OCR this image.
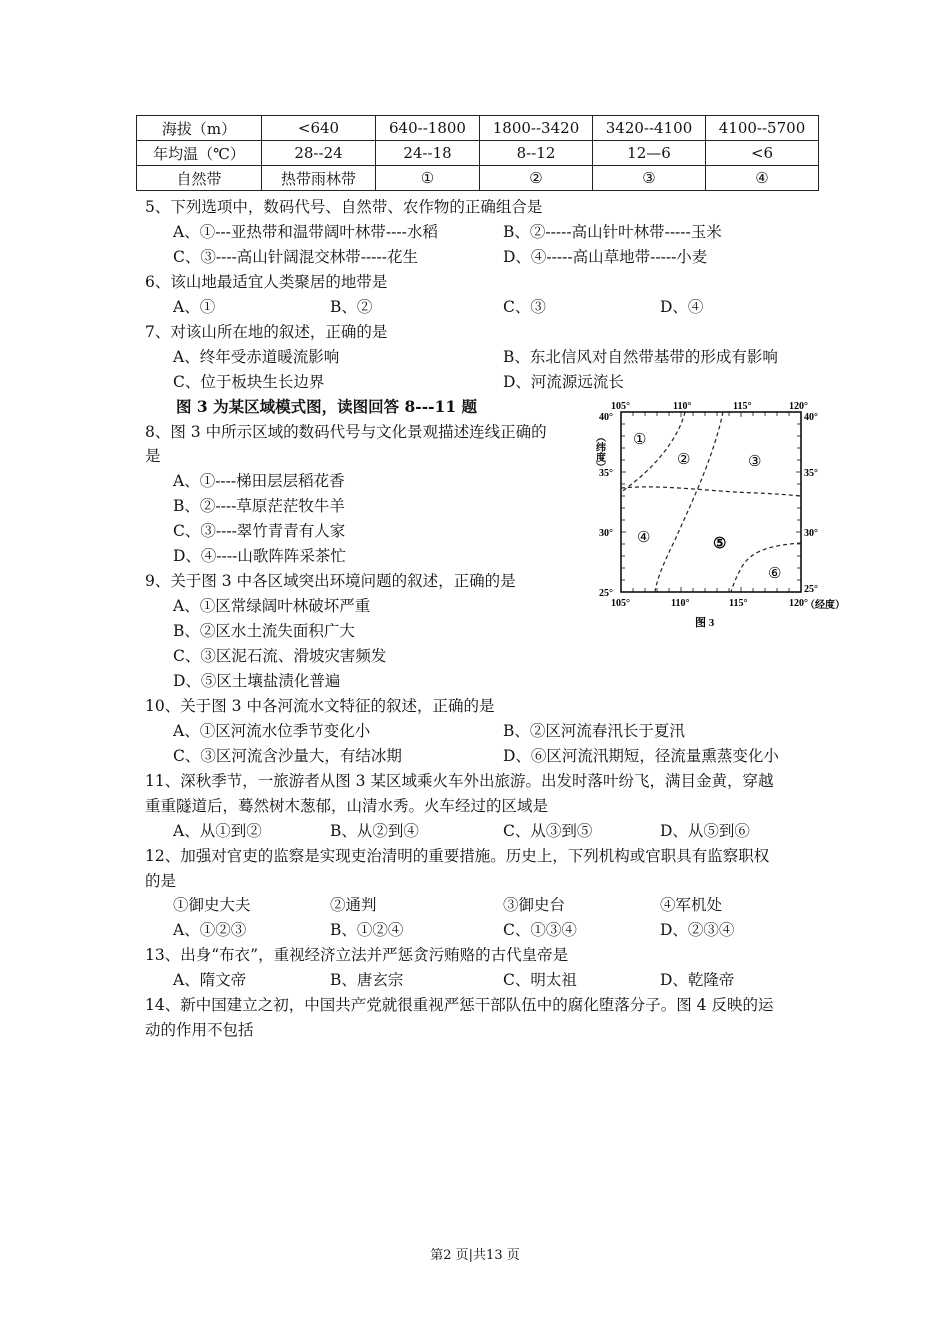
海拔（m）	<640	640--1800	1800--3420	3420--4100	4100--5700
年均温（℃）	28--24	24--18	8--12	12—6	<6
自然带	热带雨林带	①	②	③	④
5、下列选项中，数码代号、自然带、农作物的正确组合是
A、①---亚热带和温带阔叶林带----水稻	B、②-----高山针叶林带-----玉米
C、③----高山针阔混交林带-----花生	D、④-----高山草地带-----小麦
6、该山地最适宜人类聚居的地带是
A、①	B、②	C、③	D、④
7、对该山所在地的叙述，正确的是
A、终年受赤道暖流影响	B、东北信风对自然带基带的形成有影响
C、位于板块生长边界	D、河流源远流长
图 3 为某区域模式图，读图回答 8---11 题
8、图 3 中所示区域的数码代号与文化景观描述连线正确的
是
A、①----梯田层层稻花香
B、②----草原茫茫牧牛羊
C、③----翠竹青青有人家
D、④----山歌阵阵采茶忙
9、关于图 3 中各区域突出环境问题的叙述，正确的是
A、①区常绿阔叶林破坏严重
B、②区水土流失面积广大
C、③区泥石流、滑坡灾害频发
D、⑤区土壤盐渍化普遍
10、关于图 3 中各河流水文特征的叙述，正确的是
A、①区河流水位季节变化小	B、②区河流春汛长于夏汛
C、③区河流含沙量大，有结冰期	D、⑥区河流汛期短，径流量熏蒸变化小
11、深秋季节，一旅游者从图 3 某区域乘火车外出旅游。出发时落叶纷飞，满目金黄，穿越
重重隧道后，蓦然树木葱郁，山清水秀。火车经过的区域是
A、从①到②	B、从②到④	C、从③到⑤	D、从⑤到⑥
12、加强对官吏的监察是实现吏治清明的重要措施。历史上，下列机构或官职具有监察职权
的是
①御史大夫	②通判	③御史台	④军机处
A、①②③	B、①②④	C、①③④	D、②③④
13、出身“布衣”，重视经济立法并严惩贪污贿赂的古代皇帝是
A、隋文帝	B、唐玄宗	C、明太祖	D、乾隆帝
14、新中国建立之初，中国共产党就很重视严惩干部队伍中的腐化堕落分子。图 4 反映的运
动的作用不包括
105°	110°	115°	120°
105°	110°	115°	120°
（经度）
40°
35°
30°
25°
40°
35°
30°
25°
（纬度） ①
②	③
④	⑤
⑥
图 3
第2 页|共13 页
